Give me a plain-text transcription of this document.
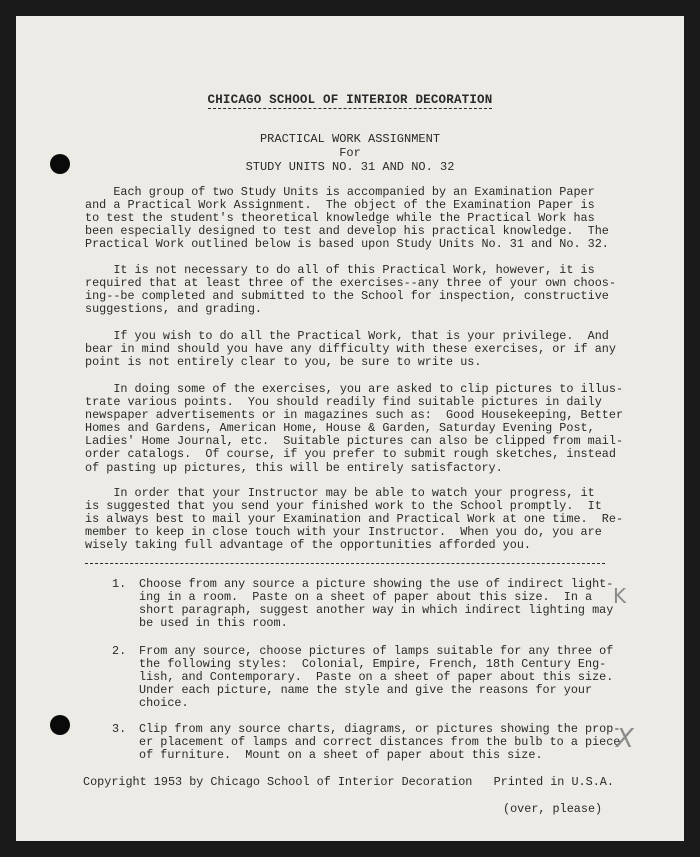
CHICAGO SCHOOL OF INTERIOR DECORATION
PRACTICAL WORK ASSIGNMENT
For
STUDY UNITS NO. 31 AND NO. 32
Each group of two Study Units is accompanied by an Examination Paper
and a Practical Work Assignment.  The object of the Examination Paper is
to test the student's theoretical knowledge while the Practical Work has
been especially designed to test and develop his practical knowledge.  The
Practical Work outlined below is based upon Study Units No. 31 and No. 32.
It is not necessary to do all of this Practical Work, however, it is
required that at least three of the exercises--any three of your own choos-
ing--be completed and submitted to the School for inspection, constructive
suggestions, and grading.
If you wish to do all the Practical Work, that is your privilege.  And
bear in mind should you have any difficulty with these exercises, or if any
point is not entirely clear to you, be sure to write us.
In doing some of the exercises, you are asked to clip pictures to illus-
trate various points.  You should readily find suitable pictures in daily
newspaper advertisements or in magazines such as:  Good Housekeeping, Better
Homes and Gardens, American Home, House & Garden, Saturday Evening Post,
Ladies' Home Journal, etc.  Suitable pictures can also be clipped from mail-
order catalogs.  Of course, if you prefer to submit rough sketches, instead
of pasting up pictures, this will be entirely satisfactory.
In order that your Instructor may be able to watch your progress, it
is suggested that you send your finished work to the School promptly.  It
is always best to mail your Examination and Practical Work at one time.  Re-
member to keep in close touch with your Instructor.  When you do, you are
wisely taking full advantage of the opportunities afforded you.
1. Choose from any source a picture showing the use of indirect light-
ing in a room.  Paste on a sheet of paper about this size.  In a
short paragraph, suggest another way in which indirect lighting may
be used in this room.
2. From any source, choose pictures of lamps suitable for any three of
the following styles:  Colonial, Empire, French, 18th Century Eng-
lish, and Contemporary.  Paste on a sheet of paper about this size.
Under each picture, name the style and give the reasons for your
choice.
3. Clip from any source charts, diagrams, or pictures showing the prop-
er placement of lamps and correct distances from the bulb to a piece
of furniture.  Mount on a sheet of paper about this size.
K
X
Copyright 1953 by Chicago School of Interior Decoration   Printed in U.S.A.
(over, please)
